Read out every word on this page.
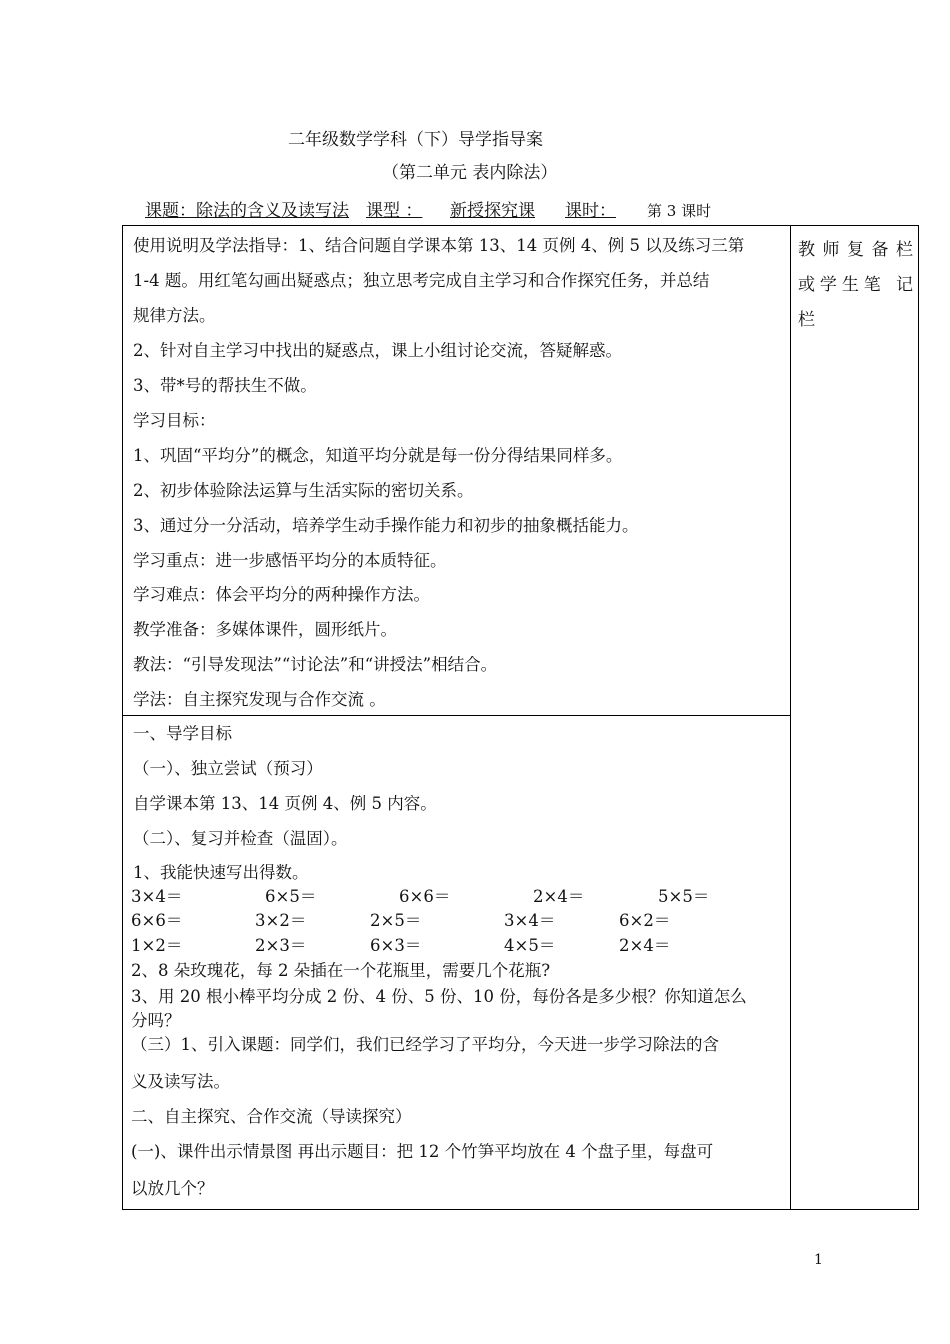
二年级数学学科（下）导学指导案
（第二单元 表内除法）
课题：除法的含义及读写法 课型 ： 新授探究课 课时： 第 3 课时
教师复备栏
或学生笔 记
栏
使用说明及学法指导：1、结合问题自学课本第 13、14 页例 4、例 5 以及练习三第
1-4 题。用红笔勾画出疑惑点；独立思考完成自主学习和合作探究任务，并总结
规律方法。
2、针对自主学习中找出的疑惑点，课上小组讨论交流，答疑解惑。
3、带*号的帮扶生不做。
学习目标：
1、巩固“平均分”的概念，知道平均分就是每一份分得结果同样多。
2、初步体验除法运算与生活实际的密切关系。
3、通过分一分活动，培养学生动手操作能力和初步的抽象概括能力。
学习重点：进一步感悟平均分的本质特征。
学习难点：体会平均分的两种操作方法。
教学准备：多媒体课件，圆形纸片。
教法：“引导发现法”“讨论法”和“讲授法”相结合。
学法：自主探究发现与合作交流 。
一、导学目标
（一）、独立尝试（预习）
自学课本第 13、14 页例 4、例 5 内容。
（二）、复习并检查（温固）。
1、我能快速写出得数。
3×4＝	6×5＝	6×6＝	2×4＝	5×5＝
6×6＝	3×2＝	2×5＝	3×4＝	6×2＝
1×2＝	2×3＝	6×3＝	4×5＝	2×4＝
2、8 朵玫瑰花，每 2 朵插在一个花瓶里，需要几个花瓶?
3、用 20 根小棒平均分成 2 份、4 份、5 份、10 份，每份各是多少根？你知道怎么
分吗？
（三）1、引入课题：同学们，我们已经学习了平均分，今天进一步学习除法的含
义及读写法。
二、自主探究、合作交流（导读探究）
(一)、课件出示情景图 再出示题目：把 12 个竹笋平均放在 4 个盘子里，每盘可
以放几个？
1
